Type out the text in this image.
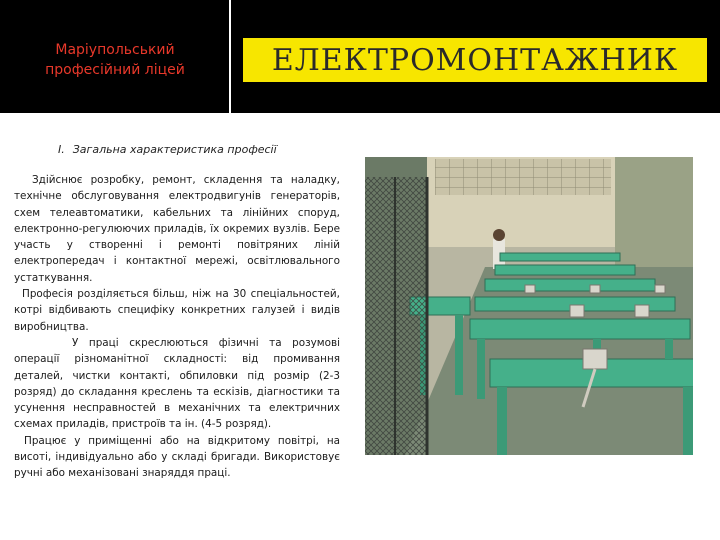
Маріупольський
професійний ліцей	ЕЛЕКТРОМОНТАЖНИК
I. Загальна характеристика професії

Здійснює розробку, ремонт, складення та наладку, технічне обслуговування електродвигунів генераторів, схем телеавтоматики, кабельних та лінійних споруд, електронно-регулюючих приладів, їх окремих вузлів. Бере участь у створенні і ремонті повітряних ліній електропередач і контактної мережі, освітлювального устаткування.

Професія розділяється більш, ніж на 30 спеціальностей, котрі відбивають специфіку конкретних галузей і видів виробництва.

У праці скреслюються фізичні та розумові операції різноманітної складності: від промивання деталей, чистки контакті, обпиловки під розмір (2-3 розряд) до складання креслень та ескізів, діагностики та усунення несправностей в механічних та електричних схемах приладів, пристроїв та ін. (4-5 розряд).

Працює у приміщенні або на відкритому повітрі, на висоті, індивідуально або у складі бригади. Використовує ручні або механізовані знаряддя праці.
